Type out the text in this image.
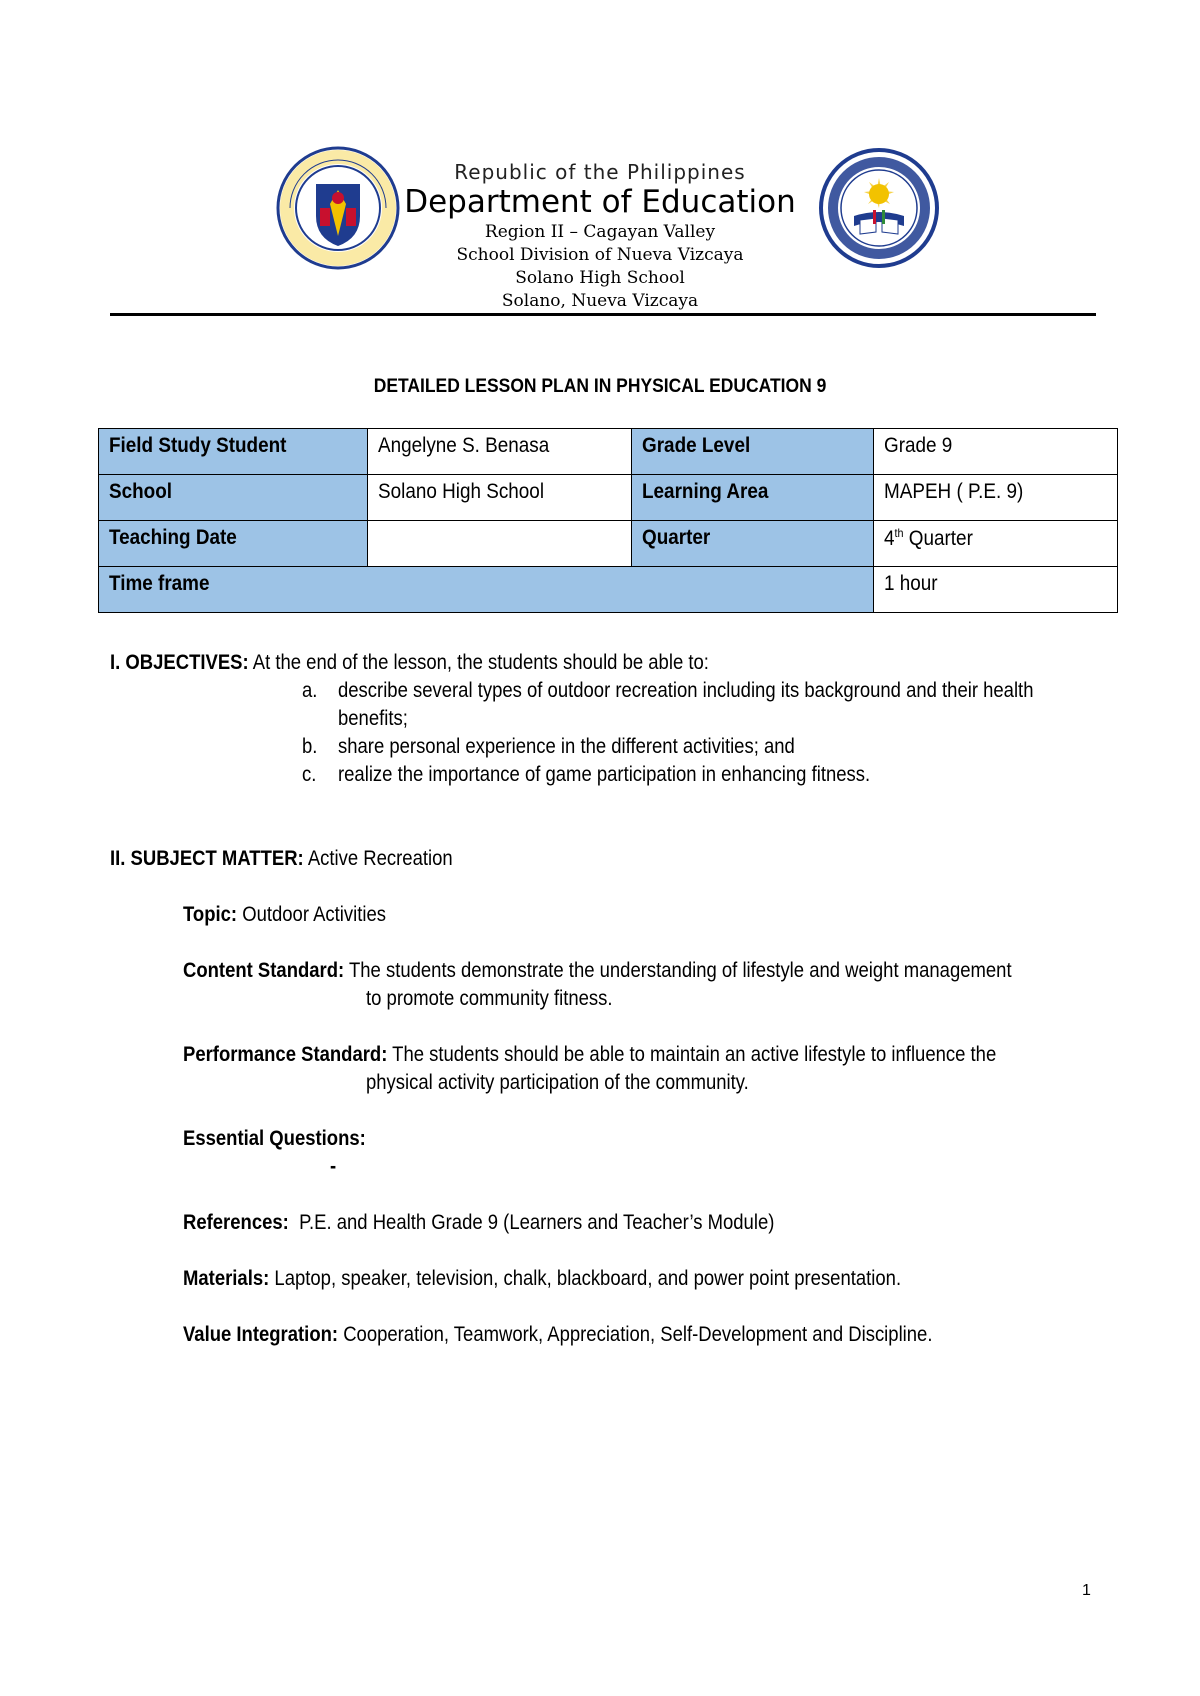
Republic of the Philippines
Department of Education
Region II – Cagayan Valley
School Division of Nueva Vizcaya
Solano High School
Solano, Nueva Vizcaya
DETAILED LESSON PLAN IN PHYSICAL EDUCATION 9
Field Study Student	Angelyne S. Benasa	Grade Level	Grade 9
School	Solano High School	Learning Area	MAPEH ( P.E. 9)
Teaching Date		Quarter	4th Quarter
Time frame			1 hour
I. OBJECTIVES: At the end of the lesson, the students should be able to:
a. describe several types of outdoor recreation including its background and their health
benefits;
b. share personal experience in the different activities; and
c. realize the importance of game participation in enhancing fitness.
II. SUBJECT MATTER: Active Recreation
Topic: Outdoor Activities
Content Standard: The students demonstrate the understanding of lifestyle and weight management
to promote community fitness.
Performance Standard: The students should be able to maintain an active lifestyle to influence the
physical activity participation of the community.
Essential Questions:
-
References:  P.E. and Health Grade 9 (Learners and Teacher’s Module)
Materials: Laptop, speaker, television, chalk, blackboard, and power point presentation.
Value Integration: Cooperation, Teamwork, Appreciation, Self-Development and Discipline.
1
